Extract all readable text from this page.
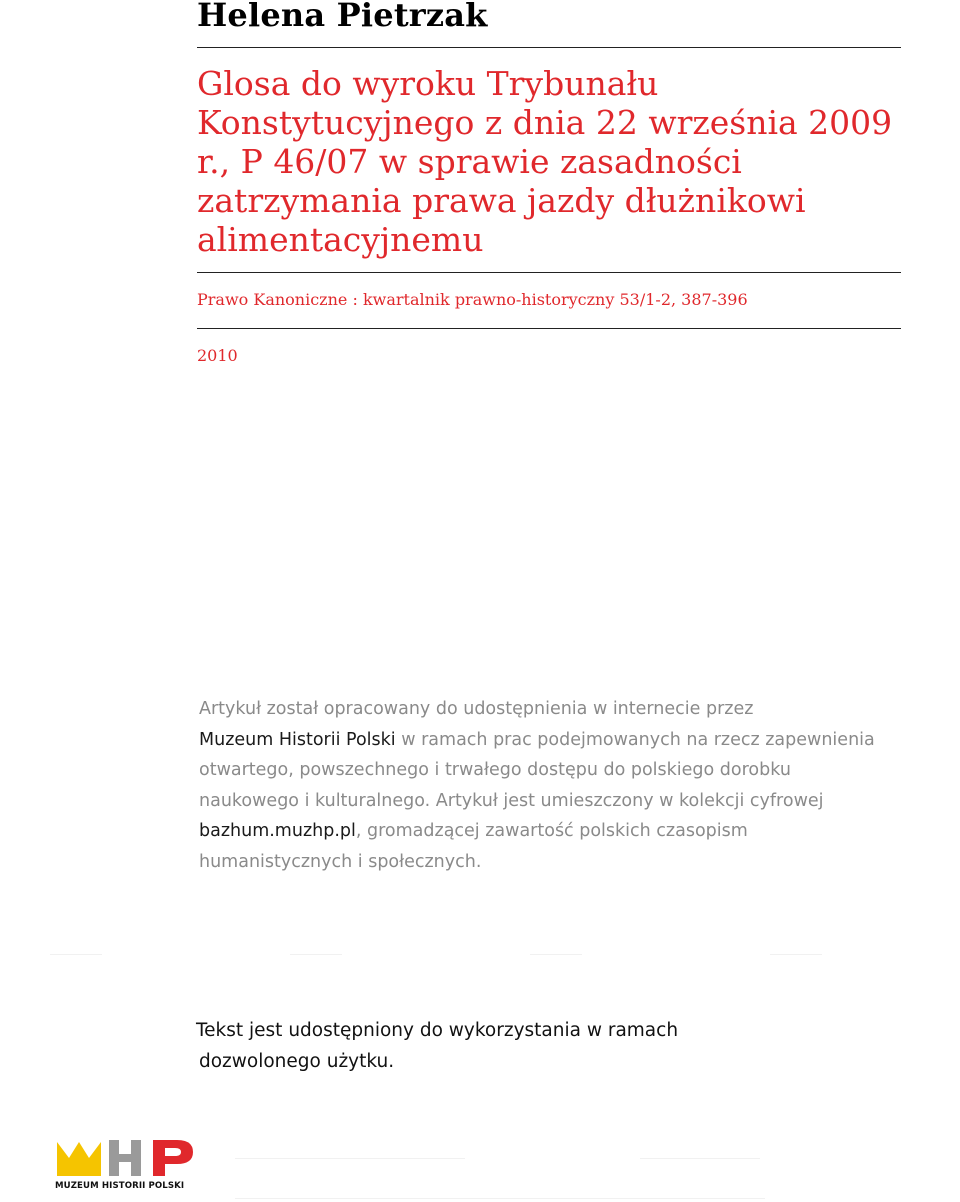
Helena Pietrzak
Glosa do wyroku Trybunału Konstytucyjnego z dnia 22 września 2009 r., P 46/07 w sprawie zasadności zatrzymania prawa jazdy dłużnikowi alimentacyjnemu

Prawo Kanoniczne : kwartalnik prawno-historyczny 53/1-2, 387-396

2010

Artykuł został opracowany do udostępnienia w internecie przez
Muzeum Historii Polski w ramach prac podejmowanych na rzecz zapewnienia otwartego, powszechnego i trwałego dostępu do polskiego dorobku naukowego i kulturalnego. Artykuł jest umieszczony w kolekcji cyfrowej bazhum.muzhp.pl, gromadzącej zawartość polskich czasopism humanistycznych i społecznych.

Tekst jest udostępniony do wykorzystania w ramach
dozwolonego użytku.

MUZEUM HISTORII POLSKI
